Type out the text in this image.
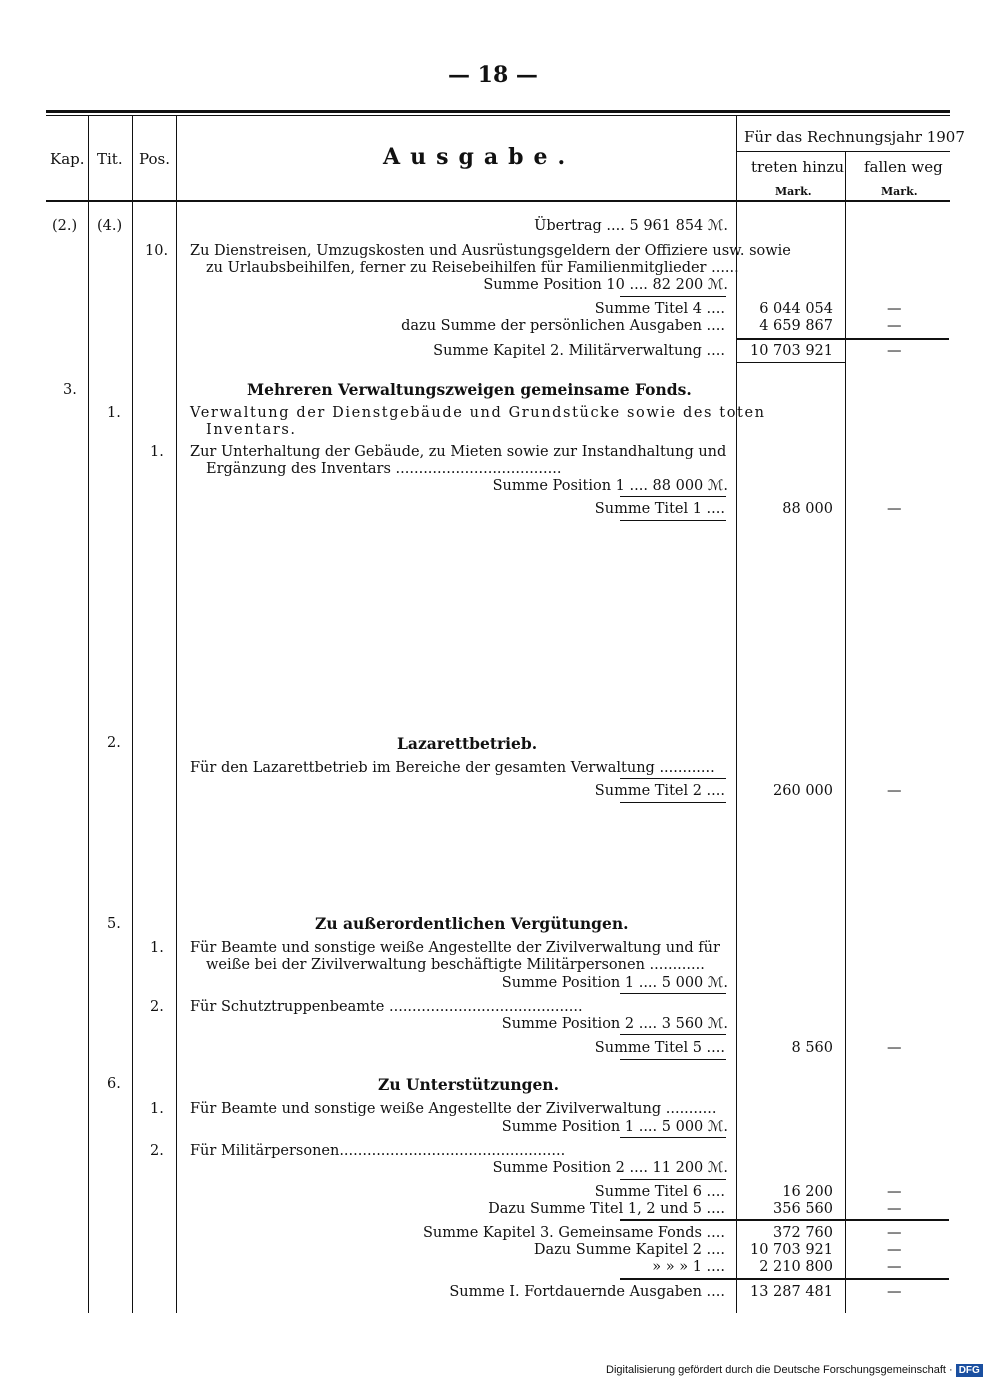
— 18 —
Kap. Tit. Pos.	Ausgabe.
Für das Rechnungsjahr 1907
treten hinzu fallen weg
Mark.	Mark.
(2.) (4.)	Übertrag .... 5 961 854 ℳ.
10. Zu Dienstreisen, Umzugskosten und Ausrüstungsgeldern der Offiziere usw. sowie
zu Urlaubsbeihilfen, ferner zu Reisebeihilfen für Familienmitglieder ......
Summe Position 10 .... 82 200 ℳ.
Summe Titel 4 .... 6 044 054	—
dazu Summe der persönlichen Ausgaben .... 4 659 867	—
Summe Kapitel 2. Militärverwaltung .... 10 703 921	—
3.	Mehreren Verwaltungszweigen gemeinsame Fonds.
1.	Verwaltung der Dienstgebäude und Grundstücke sowie des toten
Inventars.
1. Zur Unterhaltung der Gebäude, zu Mieten sowie zur Instandhaltung und
Ergänzung des Inventars ....................................
Summe Position 1 .... 88 000 ℳ.
Summe Titel 1 ....	88 000	—
2.	Lazarettbetrieb.
Für den Lazarettbetrieb im Bereiche der gesamten Verwaltung ............
Summe Titel 2 ....	260 000	—
5.	Zu außerordentlichen Vergütungen.
1. Für Beamte und sonstige weiße Angestellte der Zivilverwaltung und für
weiße bei der Zivilverwaltung beschäftigte Militärpersonen ............
Summe Position 1 .... 5 000 ℳ.
2. Für Schutztruppenbeamte ..........................................
Summe Position 2 .... 3 560 ℳ.
Summe Titel 5 ....	8 560	—
6.	Zu Unterstützungen.
1. Für Beamte und sonstige weiße Angestellte der Zivilverwaltung ...........
Summe Position 1 .... 5 000 ℳ.
2. Für Militärpersonen.................................................
Summe Position 2 .... 11 200 ℳ.
Summe Titel 6 ....	16 200	—
Dazu Summe Titel 1, 2 und 5 ....	356 560	—
Summe Kapitel 3. Gemeinsame Fonds ....	372 760	—
Dazu Summe Kapitel 2 .... 10 703 921	—
» » » 1 .... 2 210 800	—
Summe I. Fortdauernde Ausgaben .... 13 287 481	—
Digitalisierung gefördert durch die Deutsche Forschungsgemeinschaft · DFG
